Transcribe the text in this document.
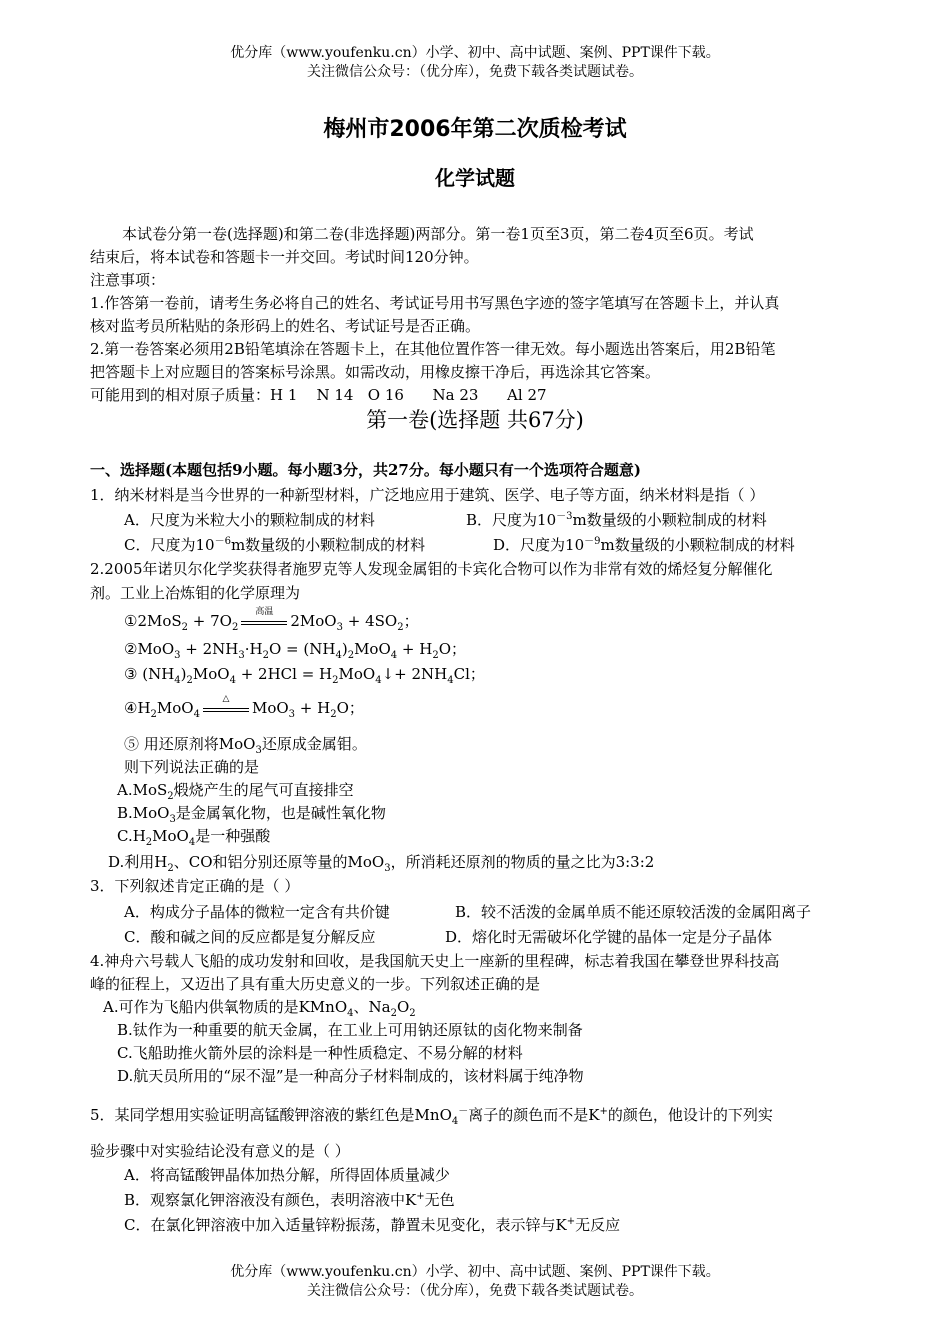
优分库（www.youfenku.cn）小学、初中、高中试题、案例、PPT课件下载。
关注微信公众号：（优分库），免费下载各类试题试卷。
梅州市2006年第二次质检考试
化学试题
本试卷分第一卷(选择题)和第二卷(非选择题)两部分。第一卷1页至3页，第二卷4页至6页。考试
结束后，将本试卷和答题卡一并交回。考试时间120分钟。
注意事项：
1.作答第一卷前，请考生务必将自己的姓名、考试证号用书写黑色字迹的签字笔填写在答题卡上，并认真
核对监考员所粘贴的条形码上的姓名、考试证号是否正确。
2.第一卷答案必须用2B铅笔填涂在答题卡上，在其他位置作答一律无效。每小题选出答案后，用2B铅笔
把答题卡上对应题目的答案标号涂黑。如需改动，用橡皮擦干净后，再选涂其它答案。
可能用到的相对原子质量：H 1    N 14   O 16      Na 23      Al 27
第一卷(选择题 共67分)
一、选择题(本题包括9小题。每小题3分，共27分。每小题只有一个选项符合题意)
1．纳米材料是当今世界的一种新型材料，广泛地应用于建筑、医学、电子等方面，纳米材料是指（ ）
A．尺度为米粒大小的颗粒制成的材料	B．尺度为$10^{-3}m$数量级的小颗粒制成的材料
C．尺度为$10^{-6}m$数量级的小颗粒制成的材料	D．尺度为$10^{-9}m$数量级的小颗粒制成的材料
2.2005年诺贝尔化学奖获得者施罗克等人发现金属钼的卡宾化合物可以作为非常有效的烯烃复分解催化
剂。工业上冶炼钼的化学原理为
①2MoS$_2$ + $7O_2$
高温	$2MoO_3 + 4SO_2$；
②MoO$_3$ + $2NH_3\cdot H_2O = (NH_4)_2MoO_4 + H_2O$；
③ $(NH_4)_2MoO_4 + 2HCl$ = $H_2MoO_4↓+ 2NH_4Cl$；
$④H_2MoO_4$
△	$MoO_3 + H_2O$；
⑤ 用还原剂将MoO$_3$还原成金属钼。
则下列说法正确的是
A.MoS$_2$煅烧产生的尾气可直接排空
B.MoO$_3$是金属氧化物，也是碱性氧化物
$C.H_2MoO_4$是一种强酸
D.利用$H_2$、CO和铝分别还原等量的MoO$_3$，所消耗还原剂的物质的量之比为3:3:2
3．下列叙述肯定正确的是（ ）
A．构成分子晶体的微粒一定含有共价键	B．较不活泼的金属单质不能还原较活泼的金属阳离子
C．酸和碱之间的反应都是复分解反应	D．熔化时无需破坏化学键的晶体一定是分子晶体
4.神舟六号载人飞船的成功发射和回收，是我国航天史上一座新的里程碑，标志着我国在攀登世界科技高
峰的征程上，又迈出了具有重大历史意义的一步。下列叙述正确的是
A.可作为飞船内供氧物质的是KMnO$_4$、$Na_2O_2$
B.钛作为一种重要的航天金属，在工业上可用钠还原钛的卤化物来制备
C.飞船助推火箭外层的涂料是一种性质稳定、不易分解的材料
D.航天员所用的“尿不湿”是一种高分子材料制成的，该材料属于纯净物
5．某同学想用实验证明高锰酸钾溶液的紫红色是MnO$_4$－离子的颜色而不是K+的颜色，他设计的下列实
验步骤中对实验结论没有意义的是（ ）
A．将高锰酸钾晶体加热分解，所得固体质量减少
B．观察氯化钾溶液没有颜色，表明溶液中K+无色
C．在氯化钾溶液中加入适量锌粉振荡，静置未见变化，表示锌与K+无反应
优分库（www.youfenku.cn）小学、初中、高中试题、案例、PPT课件下载。
关注微信公众号：（优分库），免费下载各类试题试卷。
